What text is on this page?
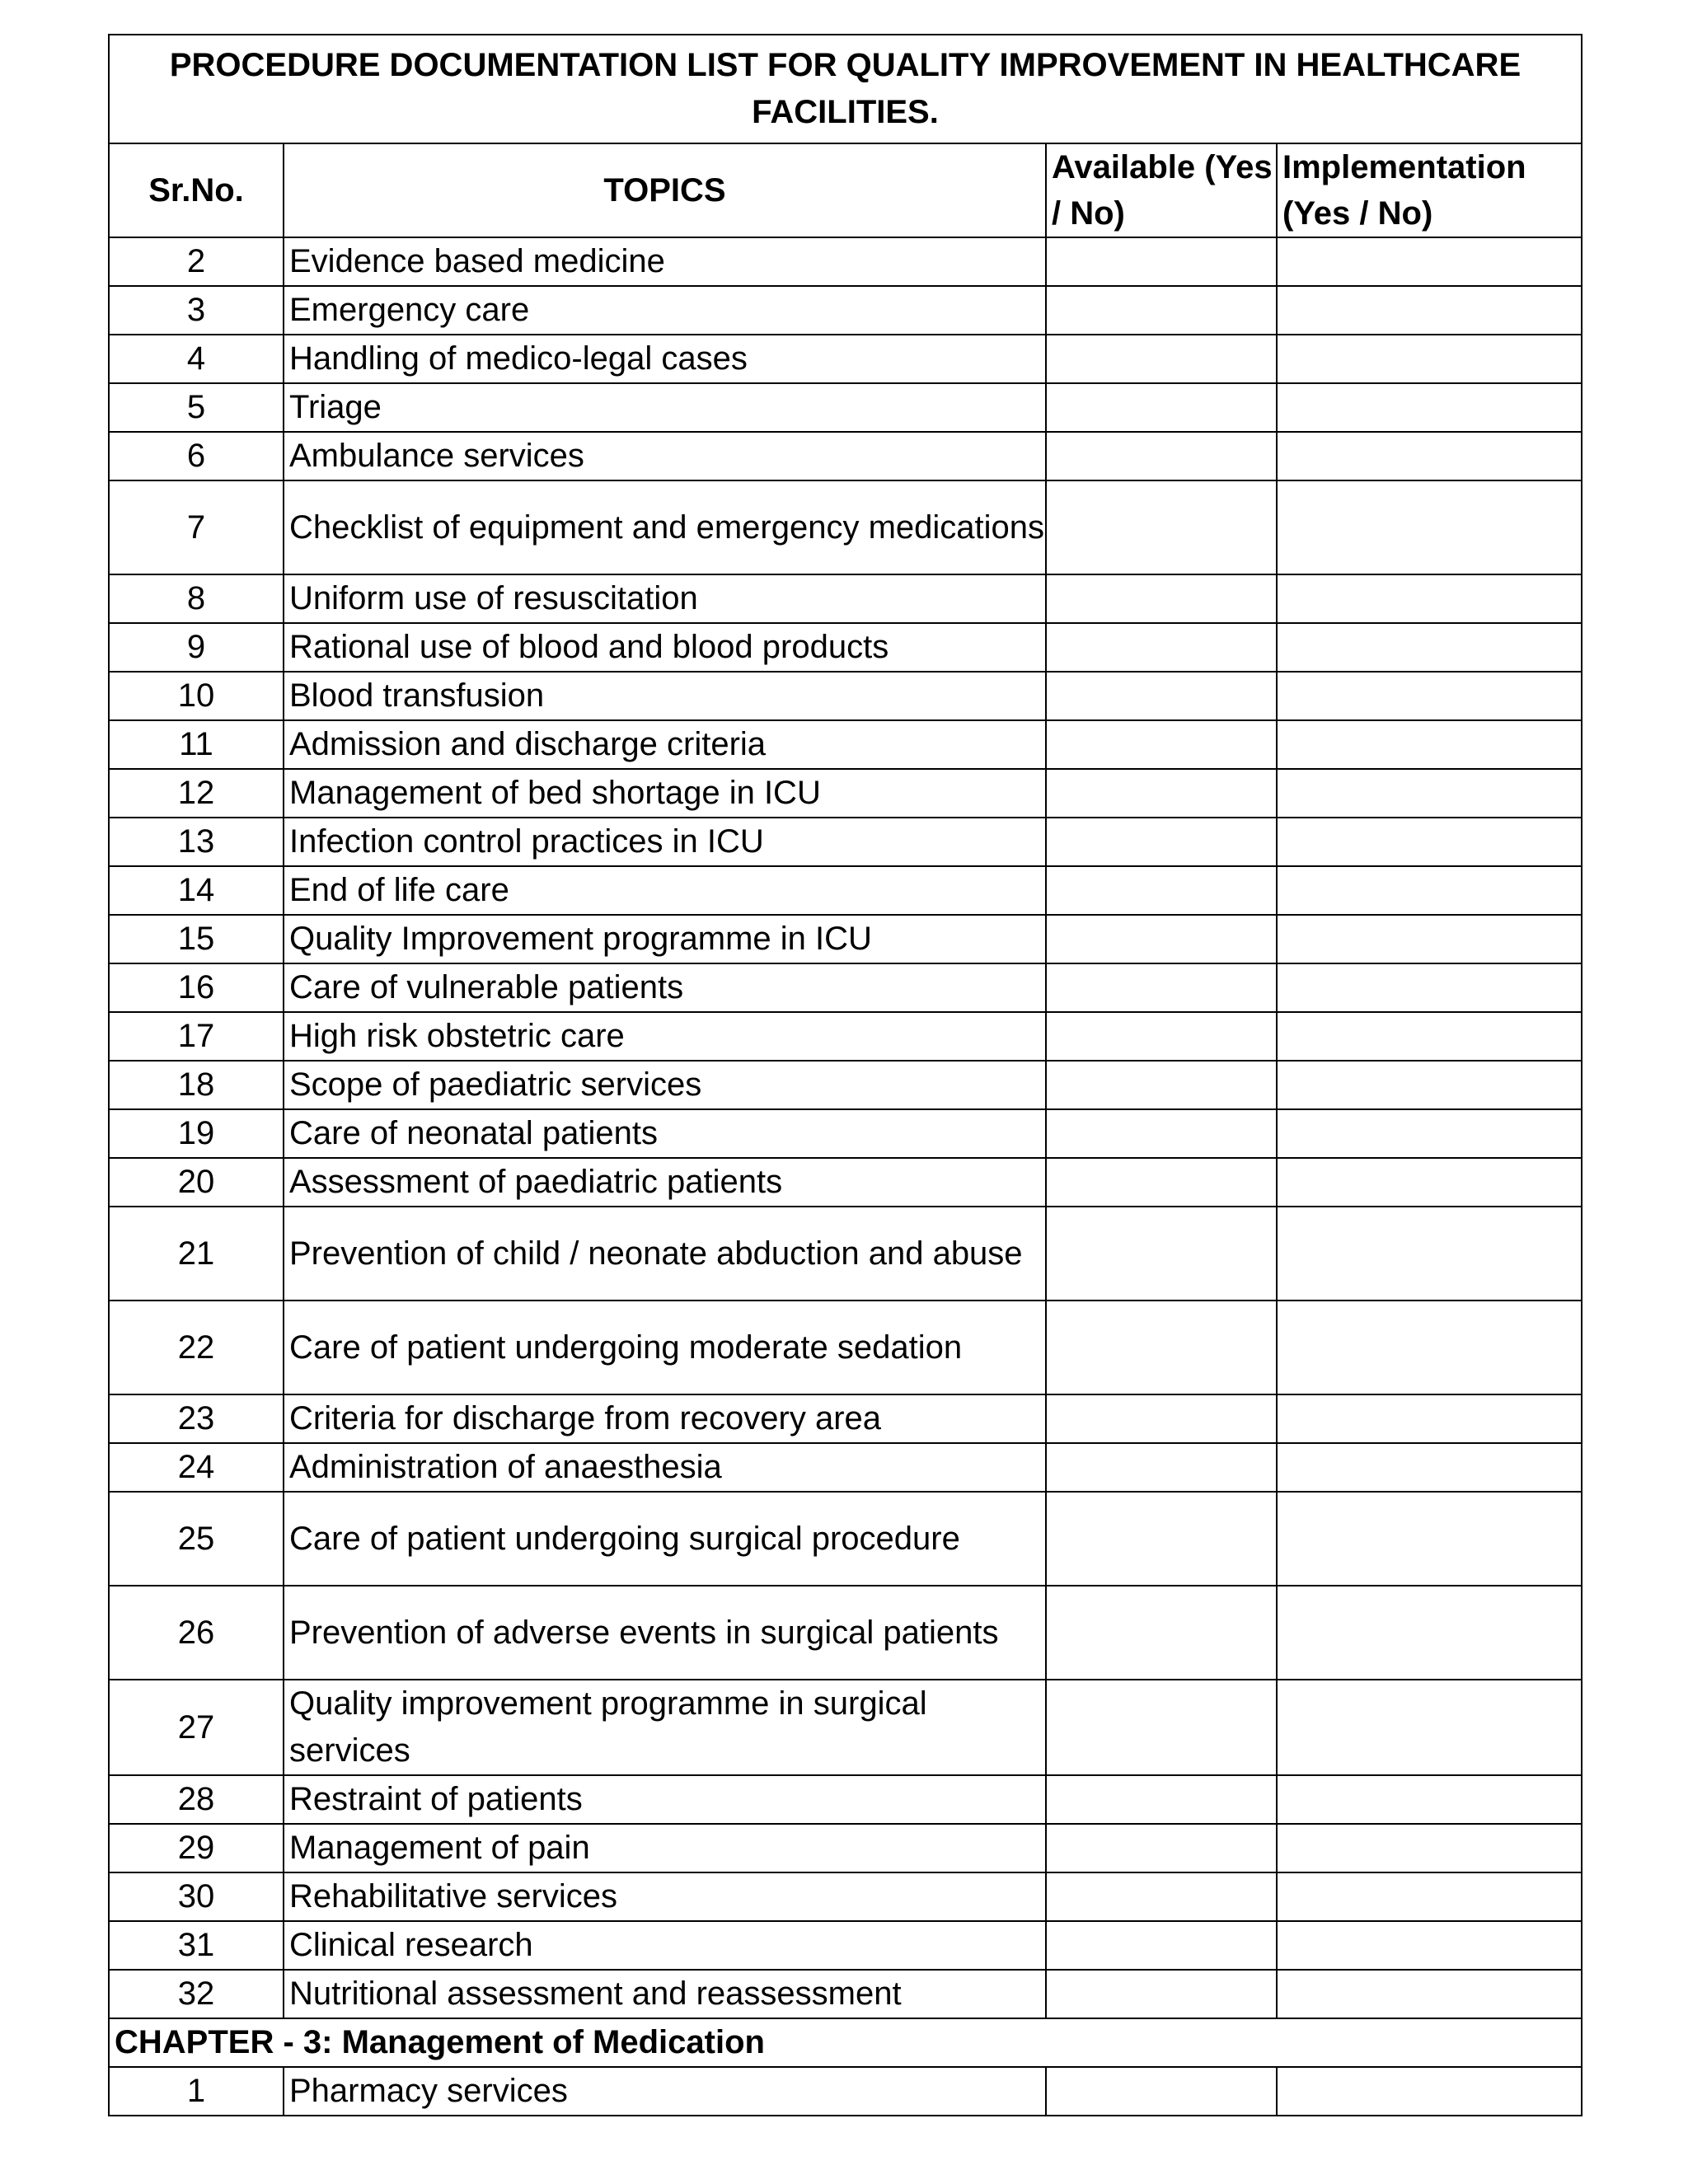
PROCEDURE DOCUMENTATION LIST FOR QUALITY IMPROVEMENT IN HEALTHCARE FACILITIES.			
Sr.No.	TOPICS	Available (Yes / No)	Implementation (Yes / No)
2	Evidence based medicine		
3	Emergency care		
4	Handling of medico-legal cases		
5	Triage		
6	Ambulance services		
7	Checklist of equipment and emergency medications		
8	Uniform use of resuscitation		
9	Rational use of blood and blood products		
10	Blood transfusion		
11	Admission and discharge criteria		
12	Management of bed shortage in ICU		
13	Infection control practices in ICU		
14	End of life care		
15	Quality Improvement programme in ICU		
16	Care of vulnerable patients		
17	High risk obstetric care		
18	Scope of paediatric services		
19	Care of neonatal patients		
20	Assessment of paediatric patients		
21	Prevention of child / neonate abduction and abuse		
22	Care of patient undergoing moderate sedation		
23	Criteria for discharge from recovery area		
24	Administration of anaesthesia		
25	Care of patient undergoing surgical procedure		
26	Prevention of adverse events in surgical patients		
27	Quality improvement programme in surgical services		
28	Restraint of patients		
29	Management of pain		
30	Rehabilitative services		
31	Clinical research		
32	Nutritional assessment and reassessment		
CHAPTER - 3: Management of Medication			
1	Pharmacy services		
